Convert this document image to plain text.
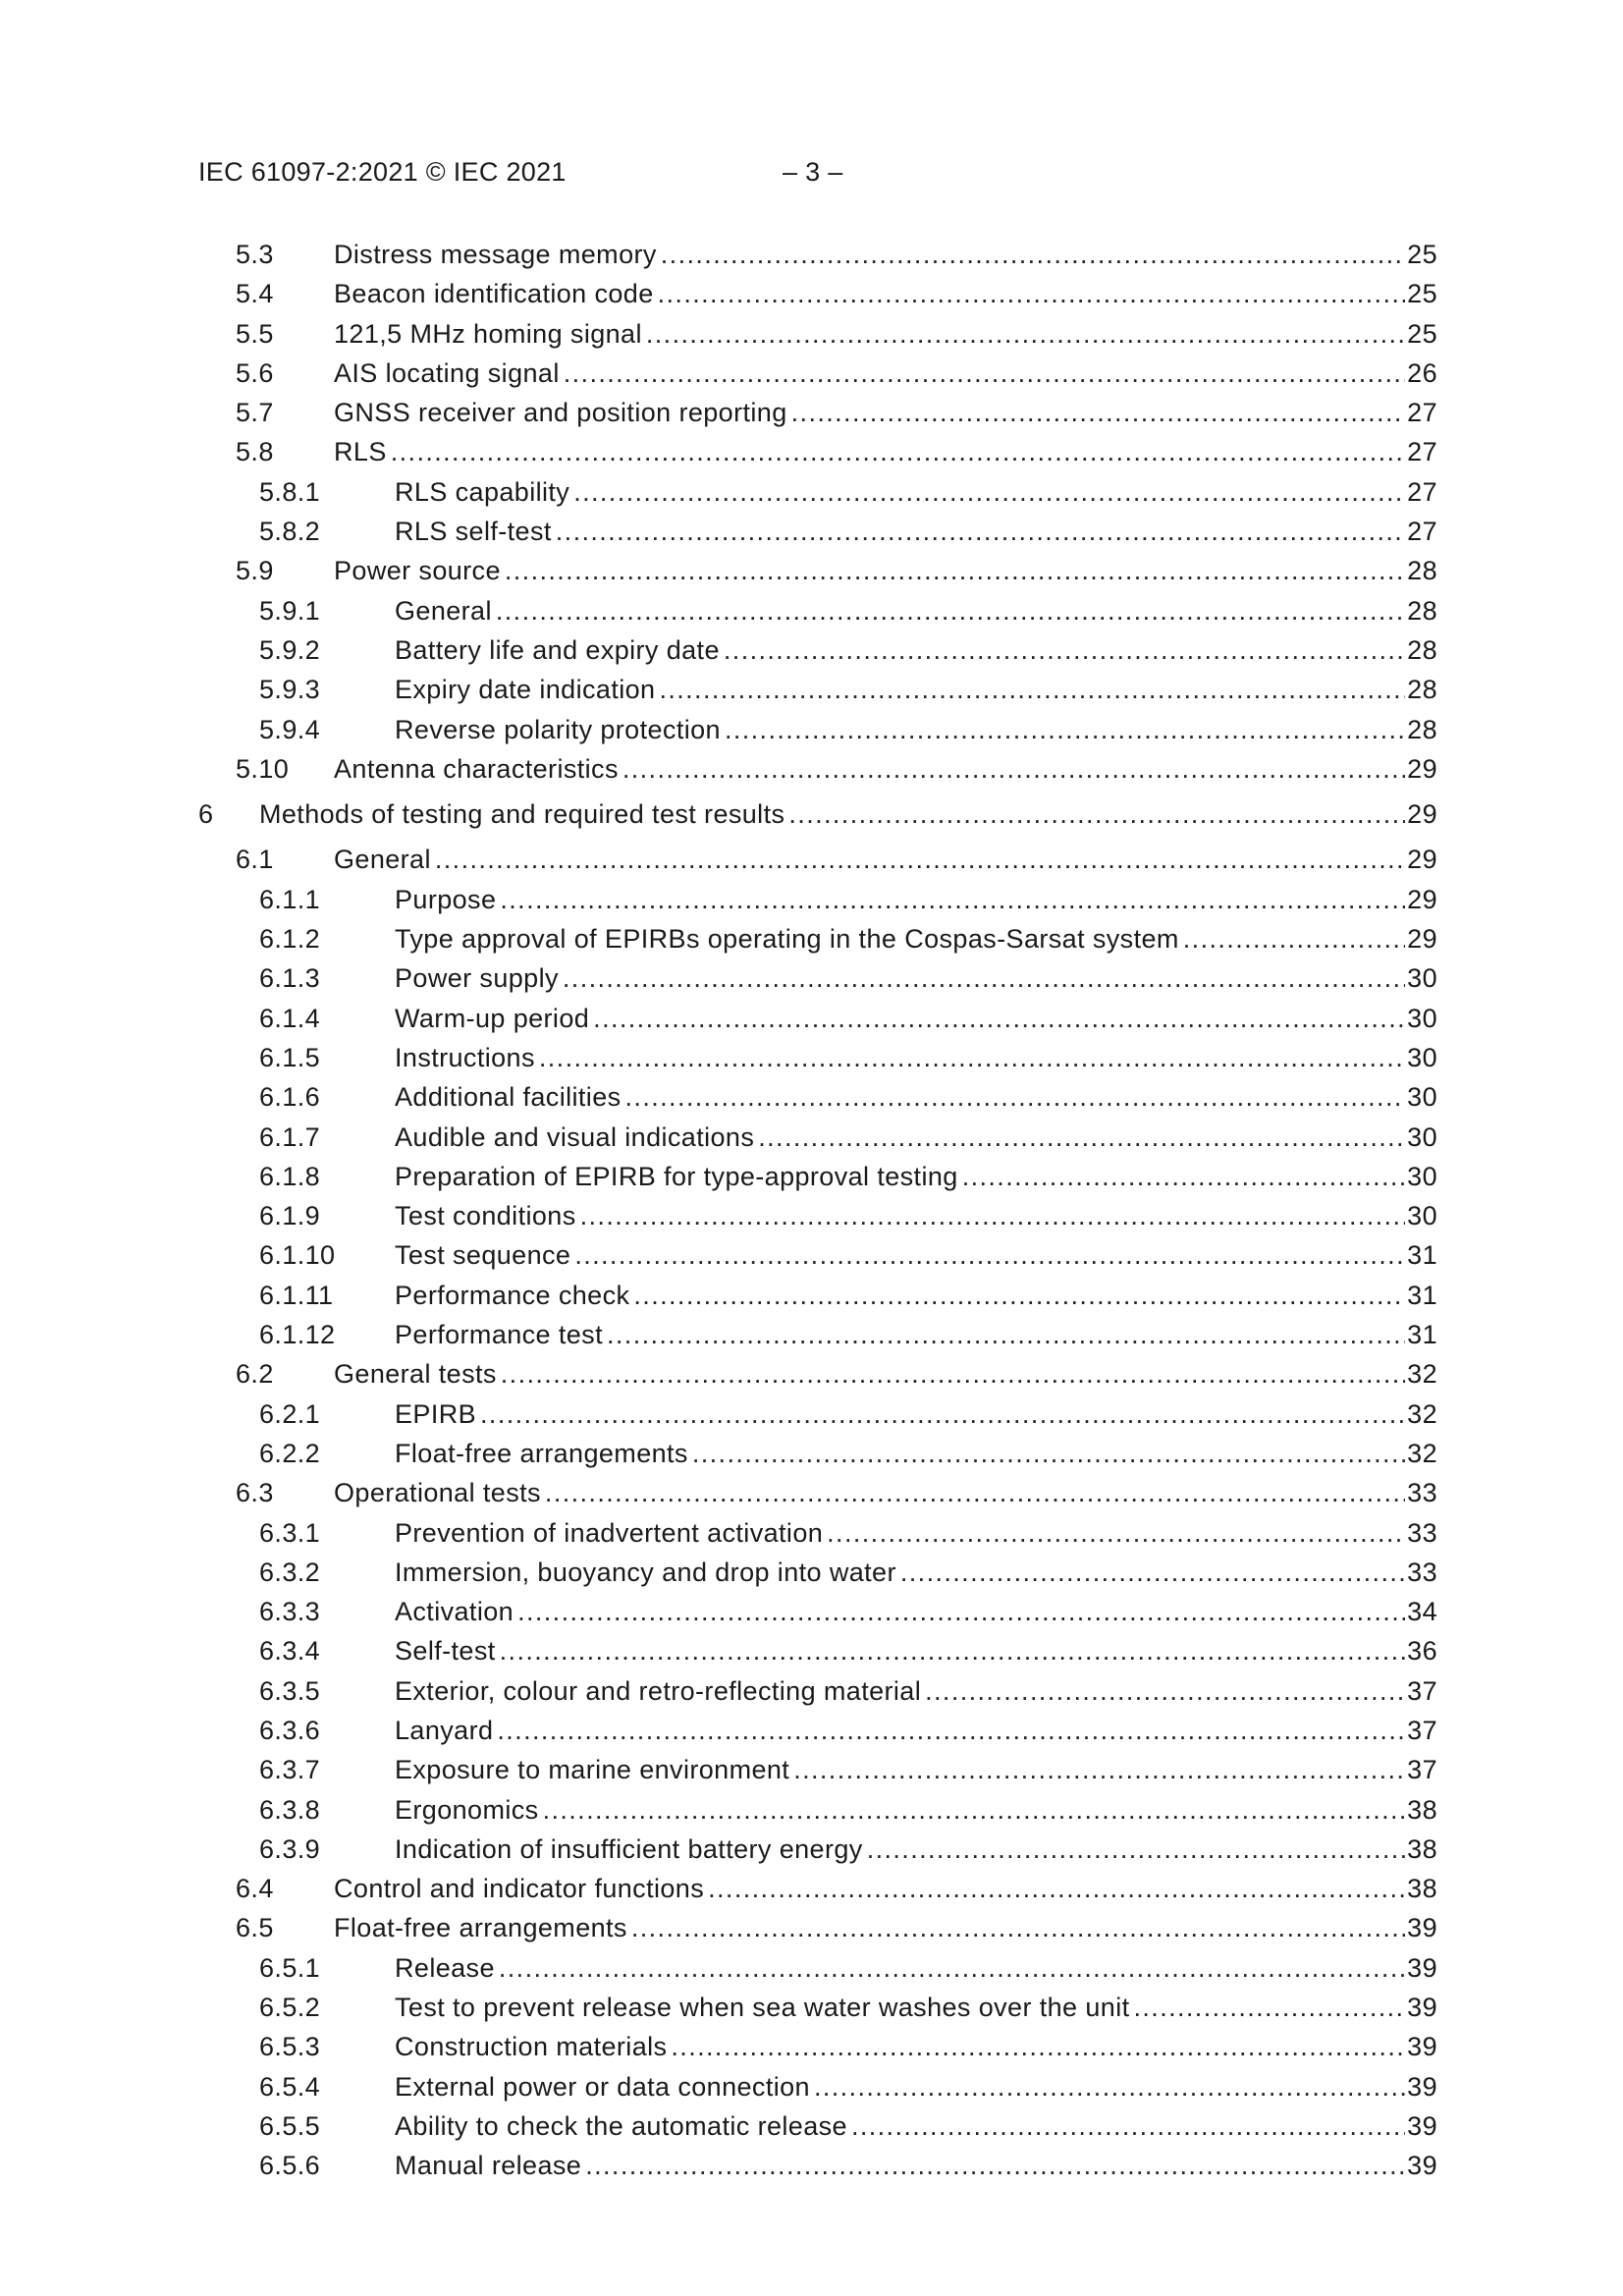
IEC 61097-2:2021 © IEC 2021	– 3 –
5.3	Distress message memory .....	25
5.4	Beacon identification code .....	25
5.5	121,5 MHz homing signal .....	25
5.6	AIS locating signal .....	26
5.7	GNSS receiver and position reporting .....	27
5.8	RLS .....	27
5.8.1	RLS capability .....	27
5.8.2	RLS self-test .....	27
5.9	Power source .....	28
5.9.1	General .....	28
5.9.2	Battery life and expiry date .....	28
5.9.3	Expiry date indication .....	28
5.9.4	Reverse polarity protection .....	28
5.10	Antenna characteristics .....	29
6	Methods of testing and required test results .....	29
6.1	General .....	29
6.1.1	Purpose .....	29
6.1.2	Type approval of EPIRBs operating in the Cospas-Sarsat system .....	29
6.1.3	Power supply .....	30
6.1.4	Warm-up period .....	30
6.1.5	Instructions .....	30
6.1.6	Additional facilities .....	30
6.1.7	Audible and visual indications .....	30
6.1.8	Preparation of EPIRB for type-approval testing .....	30
6.1.9	Test conditions .....	30
6.1.10	Test sequence .....	31
6.1.11	Performance check .....	31
6.1.12	Performance test .....	31
6.2	General tests .....	32
6.2.1	EPIRB .....	32
6.2.2	Float-free arrangements .....	32
6.3	Operational tests .....	33
6.3.1	Prevention of inadvertent activation .....	33
6.3.2	Immersion, buoyancy and drop into water .....	33
6.3.3	Activation .....	34
6.3.4	Self-test .....	36
6.3.5	Exterior, colour and retro-reflecting material .....	37
6.3.6	Lanyard .....	37
6.3.7	Exposure to marine environment .....	37
6.3.8	Ergonomics .....	38
6.3.9	Indication of insufficient battery energy .....	38
6.4	Control and indicator functions .....	38
6.5	Float-free arrangements .....	39
6.5.1	Release .....	39
6.5.2	Test to prevent release when sea water washes over the unit .....	39
6.5.3	Construction materials .....	39
6.5.4	External power or data connection .....	39
6.5.5	Ability to check the automatic release .....	39
6.5.6	Manual release .....	39
